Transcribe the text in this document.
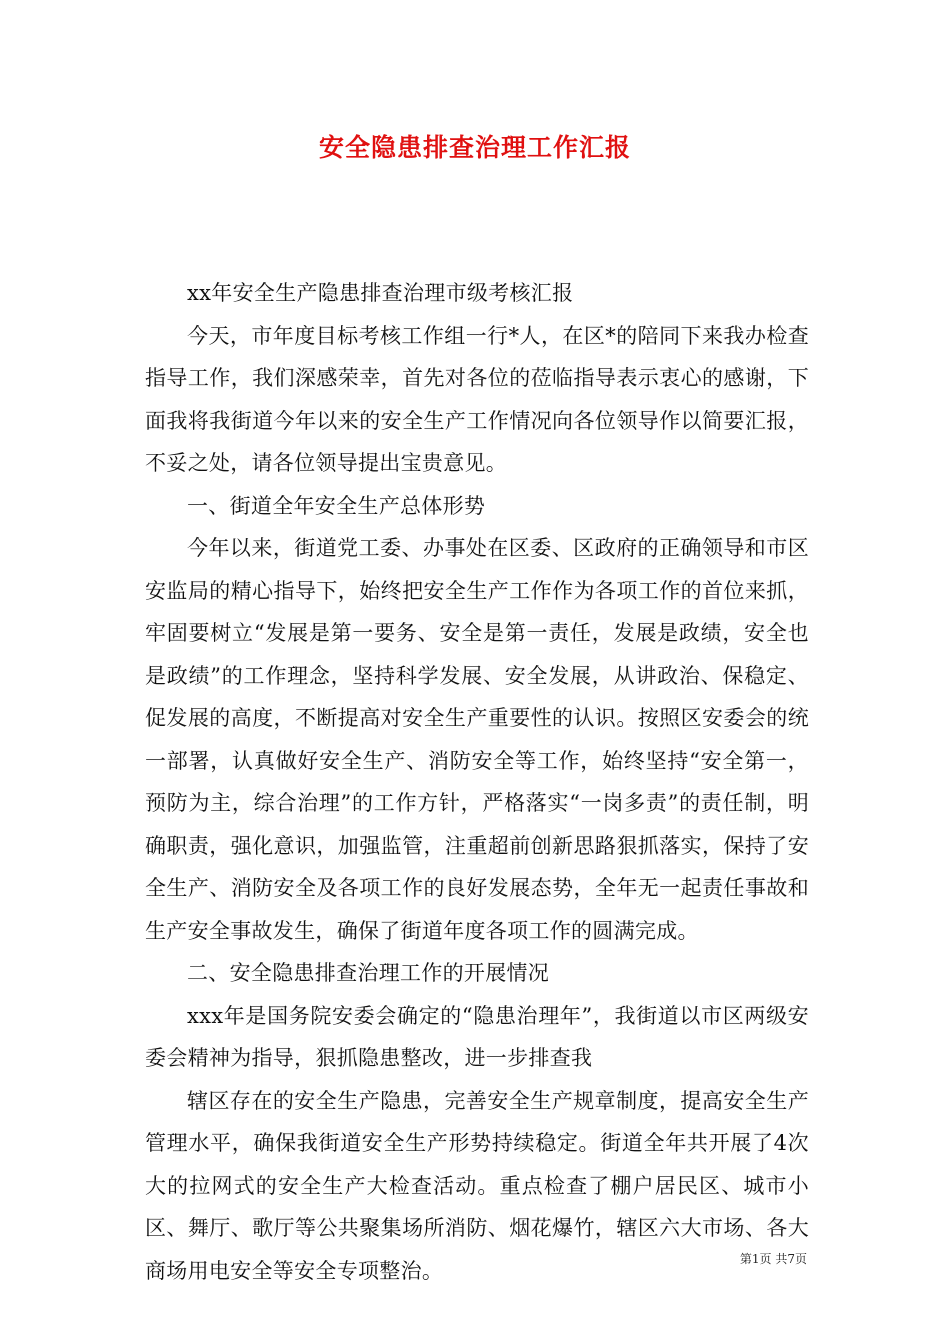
安全隐患排查治理工作汇报

xx年安全生产隐患排查治理市级考核汇报

今天，市年度目标考核工作组一行*人，在区*的陪同下来我办检查指导工作，我们深感荣幸，首先对各位的莅临指导表示衷心的感谢，下面我将我街道今年以来的安全生产工作情况向各位领导作以简要汇报，不妥之处，请各位领导提出宝贵意见。

一、街道全年安全生产总体形势

今年以来，街道党工委、办事处在区委、区政府的正确领导和市区安监局的精心指导下，始终把安全生产工作作为各项工作的首位来抓，牢固要树立“发展是第一要务、安全是第一责任，发展是政绩，安全也是政绩”的工作理念，坚持科学发展、安全发展，从讲政治、保稳定、促发展的高度，不断提高对安全生产重要性的认识。按照区安委会的统一部署，认真做好安全生产、消防安全等工作，始终坚持“安全第一，预防为主，综合治理”的工作方针，严格落实“一岗多责”的责任制，明确职责，强化意识，加强监管，注重超前创新思路狠抓落实，保持了安全生产、消防安全及各项工作的良好发展态势，全年无一起责任事故和生产安全事故发生，确保了街道年度各项工作的圆满完成。

二、安全隐患排查治理工作的开展情况

xxx年是国务院安委会确定的“隐患治理年”，我街道以市区两级安委会精神为指导，狠抓隐患整改，进一步排查我

辖区存在的安全生产隐患，完善安全生产规章制度，提高安全生产管理水平，确保我街道安全生产形势持续稳定。街道全年共开展了4次大的拉网式的安全生产大检查活动。重点检查了棚户居民区、城市小区、舞厅、歌厅等公共聚集场所消防、烟花爆竹，辖区六大市场、各大商场用电安全等安全专项整治。	第1页 共7页
